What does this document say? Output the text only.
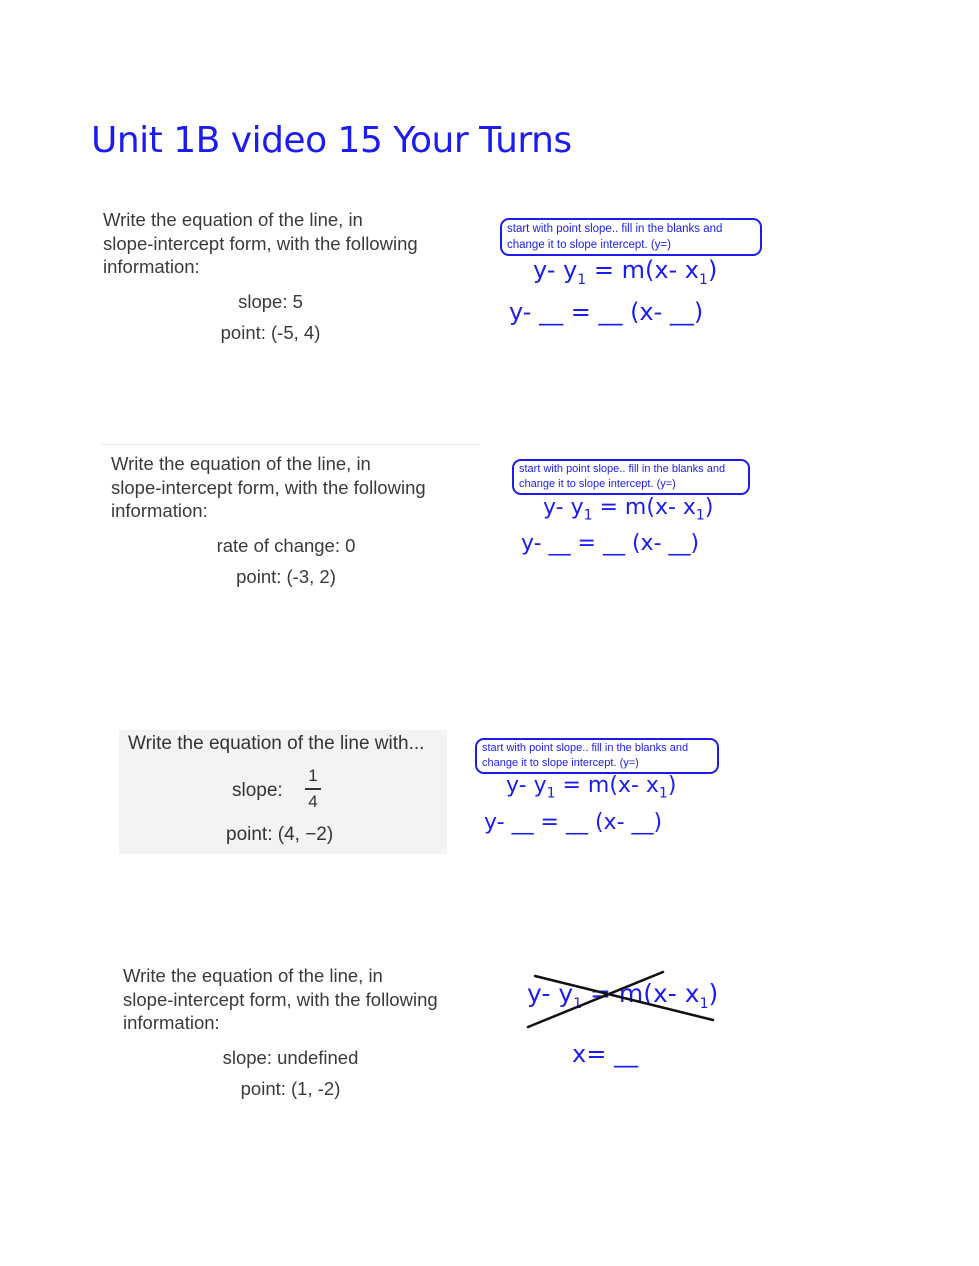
Unit 1B video 15 Your Turns
Write the equation of the line, in
slope-intercept form, with the following
information:
slope: 5
point: (-5, 4)
start with point slope.. fill in the blanks and change it to slope intercept. (y=)
y- $y_1 = m(x-$ $x_1$)
y- __ = __ (x- __)
Write the equation of the line, in
slope-intercept form, with the following
information:
rate of change: 0
point: (-3, 2)
start with point slope.. fill in the blanks and change it to slope intercept. (y=)
y- $y_1 = m(x-$ $x_1$)
y- __ = __ (x- __)
Write the equation of the line with...
slope:
1
4
point: (4, −2)
start with point slope.. fill in the blanks and change it to slope intercept. (y=)
y- $y_1 = m(x-$ $x_1$)
y- __ = __ (x- __)
Write the equation of the line, in
slope-intercept form, with the following
information:
slope: undefined
point: (1, -2)
y- $y_1 = m(x-$ $x_1$)
x= __
